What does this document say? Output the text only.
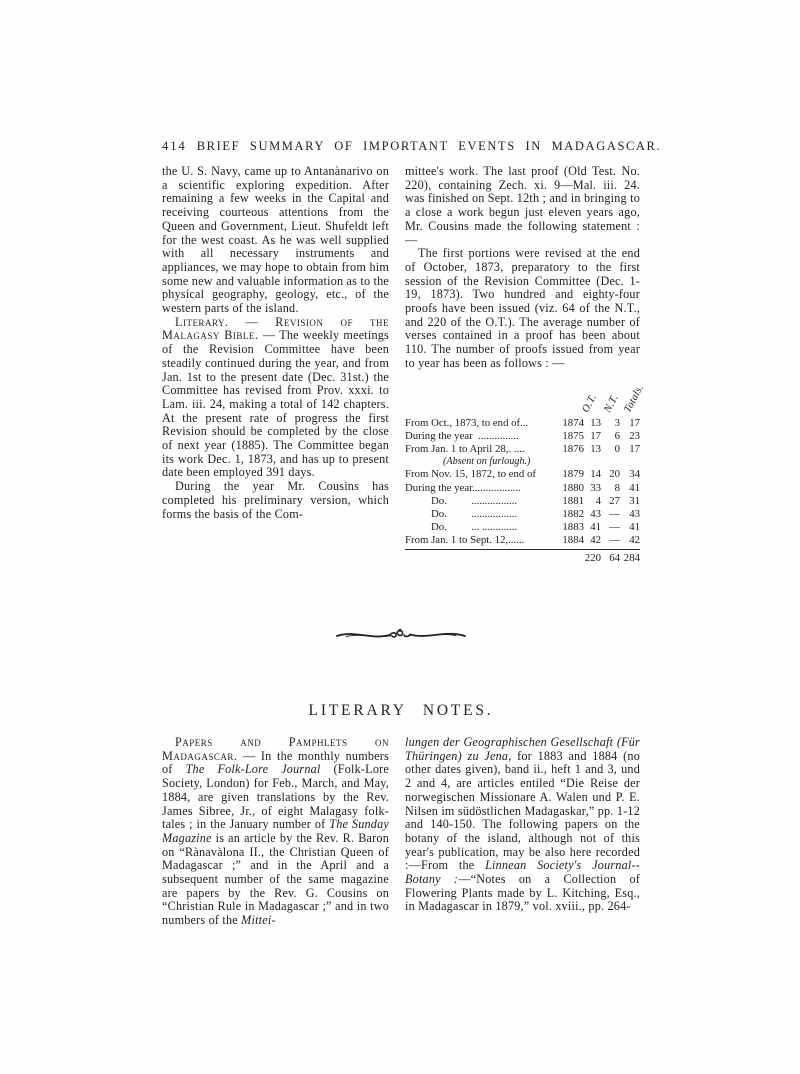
414 BRIEF SUMMARY OF IMPORTANT EVENTS IN MADAGASCAR.

the U. S. Navy, came up to Antanànarivo on a scientific exploring expedition. After remaining a few weeks in the Capital and receiving courteous attentions from the Queen and Government, Lieut. Shufeldt left for the west coast. As he was well supplied with all necessary instruments and appliances, we may hope to obtain from him some new and valuable information as to the physical geography, geology, etc., of the western parts of the island.

Literary. — Revision of the Malagasy Bible. — The weekly meetings of the Revision Committee have been steadily continued during the year, and from Jan. 1st to the present date (Dec. 31st.) the Committee has revised from Prov. xxxi. to Lam. iii. 24, making a total of 142 chapters. At the present rate of progress the first Revision should be completed by the close of next year (1885). The Committee began its work Dec. 1, 1873, and has up to present date been employed 391 days.

During the year Mr. Cousins has completed his preliminary version, which forms the basis of the Com-

mittee's work. The last proof (Old Test. No. 220), containing Zech. xi. 9—Mal. iii. 24. was finished on Sept. 12th ; and in bringing to a close a work begun just eleven years ago, Mr. Cousins made the following statement : —

The first portions were revised at the end of October, 1873, preparatory to the first session of the Revision Committee (Dec. 1-19, 1873). Two hundred and eighty-four proofs have been issued (viz. 64 of the N.T., and 220 of the O.T.). The average number of verses contained in a proof has been about 110. The number of proofs issued from year to year has been as follows : —

O.T. N.T. Totals.
From Oct., 1873, to end of...	1874 13	3 17
During the year  ...............	1875 17	6 23
From Jan. 1 to April 28,. ....	1876 13	0 17
(Absent on furlough.)
From Nov. 15, 1872, to end of	1879 14 20 34
During the year..................	1880 33	8 41
Do.         .................	1881	4 27 31
Do.         .................	1882 43 — 43
Do.         ... .............	1883 41 — 41
From Jan. 1 to Sept. 12,......	1884 42 — 42
220 64 284
LITERARY NOTES.

Papers and Pamphlets on Madagascar. — In the monthly numbers of The Folk-Lore Journal (Folk-Lore Society, London) for Feb., March, and May, 1884, are given translations by the Rev. James Sibree, Jr., of eight Malagasy folk-tales ; in the January number of The Sunday Magazine is an article by the Rev. R. Baron on “Rànavàlona II., the Christian Queen of Madagascar ;” and in the April and a subsequent number of the same magazine are papers by the Rev. G. Cousins on “Christian Rule in Madagascar ;” and in two numbers of the Mittei-

lungen der Geographischen Gesellschaft (Für Thüringen) zu Jena, for 1883 and 1884 (no other dates given), band ii., heft 1 and 3, und 2 and 4, are articles entiled “Die Reise der norwegischen Missionare A. Walen und P. E. Nilsen im südöstlichen Madagaskar,” pp. 1-12 and 140-150. The following papers on the botany of the island, although not of this year's publication, may be also here recorded :—From the Linnean Society's Journal--Botany :—“Notes on a Collection of Flowering Plants made by L. Kitching, Esq., in Madagascar in 1879,” vol. xviii., pp. 264-
